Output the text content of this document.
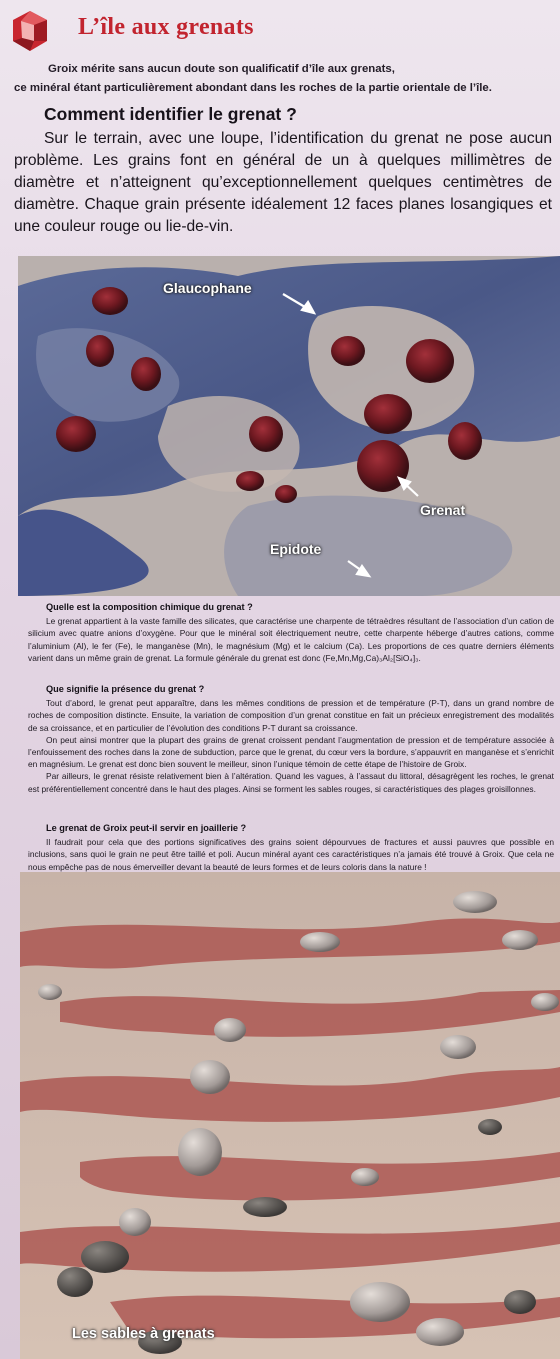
L’île aux grenats
Groix mérite sans aucun doute son qualificatif d’île aux grenats,
ce minéral étant particulièrement abondant dans les roches de la partie orientale de l’île.
Comment identifier le grenat ?
Sur le terrain, avec une loupe, l’identification du grenat ne pose aucun problème. Les grains font en général de un à quelques millimètres de diamètre et n’atteignent qu’exceptionnellement quelques centimètres de diamètre. Chaque grain présente idéalement 12 faces planes losangiques et une couleur rouge ou lie-de-vin.
Glaucophane
Grenat
Epidote
Quelle est la composition chimique du grenat ?

Le grenat appartient à la vaste famille des silicates, que caractérise une charpente de tétraèdres résultant de l’association d’un cation de silicium avec quatre anions d’oxygène. Pour que le minéral soit électriquement neutre, cette charpente héberge d’autres cations, comme l’aluminium (Al), le fer (Fe), le manganèse (Mn), le magnésium (Mg) et le calcium (Ca). Les proportions de ces quatre derniers éléments varient dans un même grain de grenat. La formule générale du grenat est donc (Fe,Mn,Mg,Ca)₃Al₂[SiO₄]₃.

Que signifie la présence du grenat ?

Tout d’abord, le grenat peut apparaître, dans les mêmes conditions de pression et de température (P-T), dans un grand nombre de roches de composition distincte. Ensuite, la variation de composition d’un grenat constitue en fait un précieux enregistrement des modalités de sa croissance, et en particulier de l’évolution des conditions P-T durant sa croissance.

On peut ainsi montrer que la plupart des grains de grenat croissent pendant l’augmentation de pression et de température associée à l’enfouissement des roches dans la zone de subduction, parce que le grenat, du cœur vers la bordure, s’appauvrit en manganèse et s’enrichit en magnésium. Le grenat est donc bien souvent le meilleur, sinon l’unique témoin de cette étape de l’histoire de Groix.

Par ailleurs, le grenat résiste relativement bien à l’altération. Quand les vagues, à l’assaut du littoral, désagrègent les roches, le grenat est préférentiellement concentré dans le haut des plages. Ainsi se forment les sables rouges, si caractéristiques des plages groisillonnes.

Le grenat de Groix peut-il servir en joaillerie ?

Il faudrait pour cela que des portions significatives des grains soient dépourvues de fractures et aussi pauvres que possible en inclusions, sans quoi le grain ne peut être taillé et poli. Aucun minéral ayant ces caractéristiques n’a jamais été trouvé à Groix. Que cela ne nous empêche pas de nous émerveiller devant la beauté de leurs formes et de leurs coloris dans la nature !

Les sables à grenats
